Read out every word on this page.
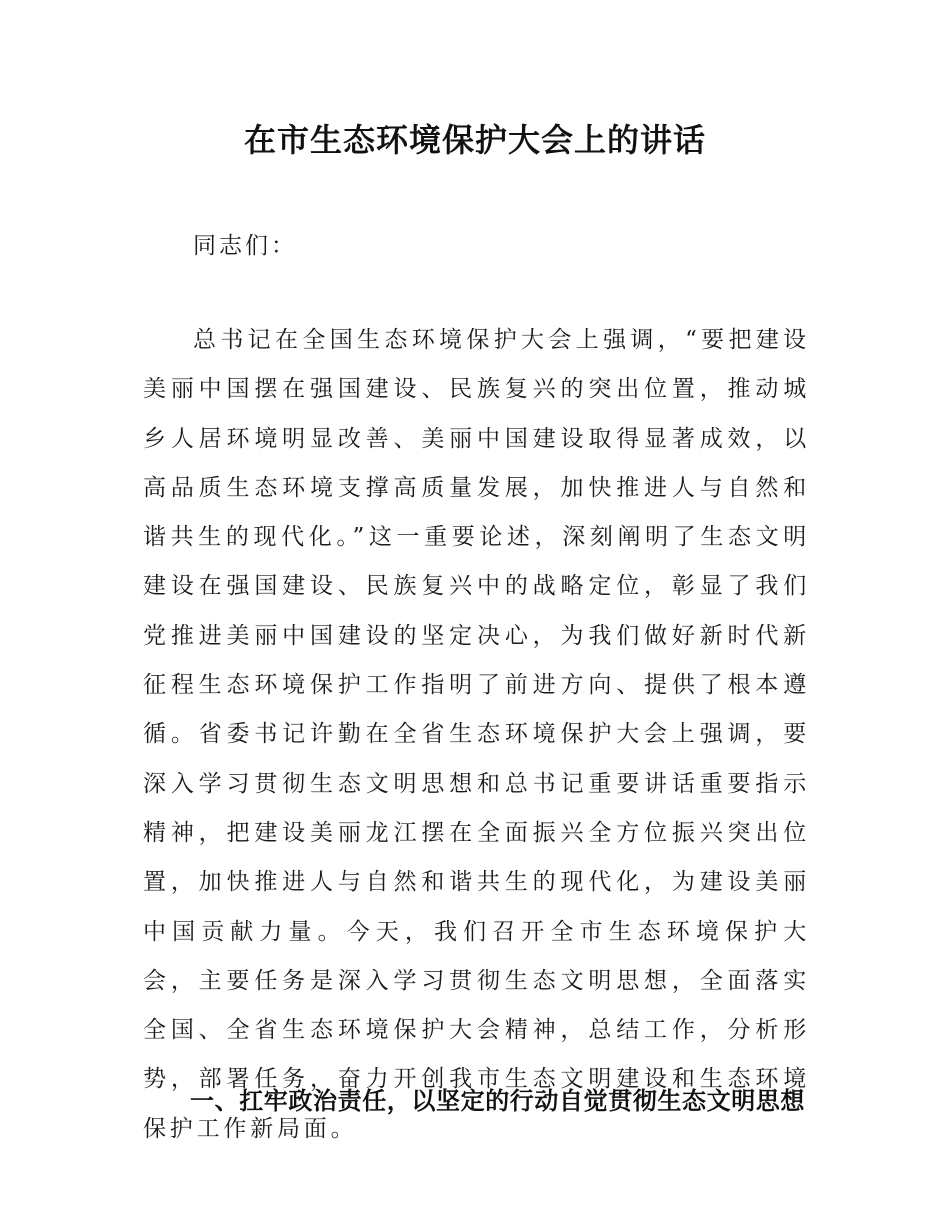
在市生态环境保护大会上的讲话
同志们：

总书记在全国生态环境保护大会上强调，“要把建设美丽中国摆在强国建设、民族复兴的突出位置，推动城乡人居环境明显改善、美丽中国建设取得显著成效，以高品质生态环境支撑高质量发展，加快推进人与自然和谐共生的现代化。”这一重要论述，深刻阐明了生态文明建设在强国建设、民族复兴中的战略定位，彰显了我们党推进美丽中国建设的坚定决心，为我们做好新时代新征程生态环境保护工作指明了前进方向、提供了根本遵循。省委书记许勤在全省生态环境保护大会上强调，要深入学习贯彻生态文明思想和总书记重要讲话重要指示精神，把建设美丽龙江摆在全面振兴全方位振兴突出位置，加快推进人与自然和谐共生的现代化，为建设美丽中国贡献力量。今天，我们召开全市生态环境保护大会，主要任务是深入学习贯彻生态文明思想，全面落实全国、全省生态环境保护大会精神，总结工作，分析形势，部署任务，奋力开创我市生态文明建设和生态环境保护工作新局面。

一、扛牢政治责任，以坚定的行动自觉贯彻生态文明思想
